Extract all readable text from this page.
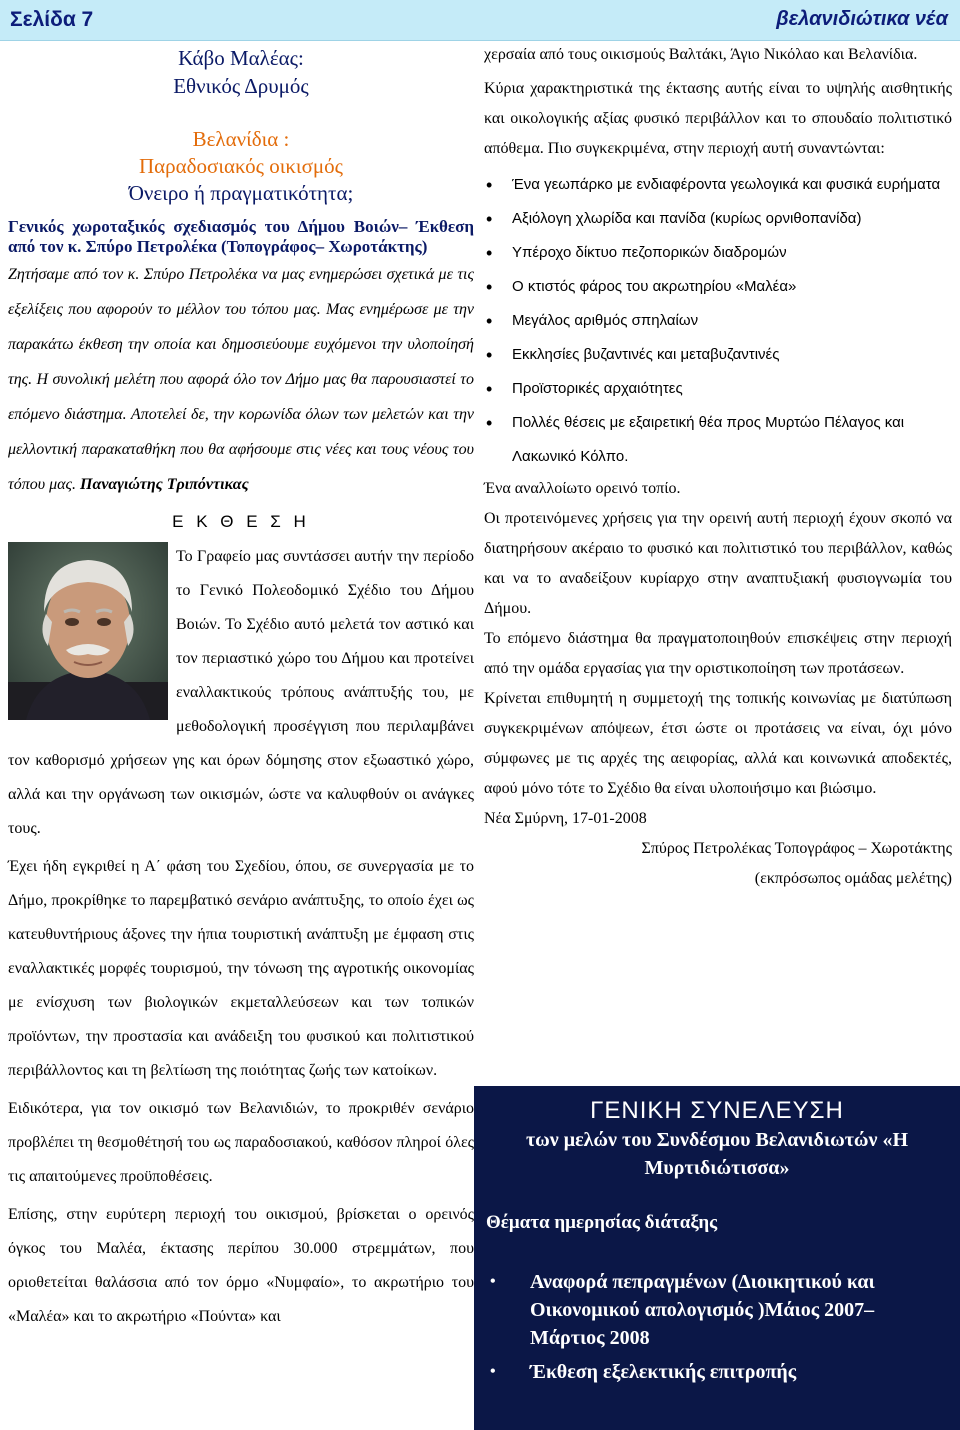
Σελίδα 7	βελανιδιώτικα νέα
Κάβο Μαλέας:
Εθνικός Δρυμός
Βελανίδια :
Παραδοσιακός οικισμός
Όνειρο ή πραγματικότητα;
Γενικός χωροταξικός σχεδιασμός του Δήμου Βοιών– Έκθεση από τον κ. Σπύρο Πετρολέκα (Τοπογράφος– Χωροτάκτης)
Ζητήσαμε από τον κ. Σπύρο Πετρολέκα να μας ενημερώσει σχετικά με τις εξελίξεις που αφορούν το μέλλον του τόπου μας. Μας ενημέρωσε με την παρακάτω έκθεση την οποία και δημοσιεύουμε ευχόμενοι την υλοποίησή της. Η συνολική μελέτη που αφορά όλο τον Δήμο μας θα παρουσιαστεί το επόμενο διάστημα. Αποτελεί δε, την κορωνίδα όλων των μελετών και την μελλοντική παρακαταθήκη που θα αφήσουμε στις νέες και τους νέους του τόπου μας. Παναγιώτης Τριπόντικας
Ε Κ Θ Ε Σ Η
Το Γραφείο μας συντάσσει αυτήν την περίοδο το Γενικό Πολεοδομικό Σχέδιο του Δήμου Βοιών. Το Σχέδιο αυτό μελετά τον αστικό και τον περιαστικό χώρο του Δήμου και προτείνει εναλλακτικούς τρόπους ανάπτυξής του, με μεθοδολογική προσέγγιση που περιλαμβάνει τον καθορισμό χρήσεων γης και όρων δόμησης στον εξωαστικό χώρο, αλλά και την οργάνωση των οικισμών, ώστε να καλυφθούν οι ανάγκες τους.
Έχει ήδη εγκριθεί η Α΄ φάση του Σχεδίου, όπου, σε συνεργασία με το Δήμο, προκρίθηκε το παρεμβατικό σενάριο ανάπτυξης, το οποίο έχει ως κατευθυντήριους άξονες την ήπια τουριστική ανάπτυξη με έμφαση στις εναλλακτικές μορφές τουρισμού, την τόνωση της αγροτικής οικονομίας με ενίσχυση των βιολογικών εκμεταλλεύσεων και των τοπικών προϊόντων, την προστασία και ανάδειξη του φυσικού και πολιτιστικού περιβάλλοντος και τη βελτίωση της ποιότητας ζωής των κατοίκων.
Ειδικότερα, για τον οικισμό των Βελανιδιών, το προκριθέν σενάριο προβλέπει τη θεσμοθέτησή του ως παραδοσιακού, καθόσον πληροί όλες τις απαιτούμενες προϋποθέσεις.
Επίσης, στην ευρύτερη περιοχή του οικισμού, βρίσκεται ο ορεινός όγκος του Μαλέα, έκτασης περίπου 30.000 στρεμμάτων, που οριοθετείται θαλάσσια από τον όρμο «Νυμφαίο», το ακρωτήριο του «Μαλέα» και το ακρωτήριο «Πούντα» και
χερσαία από τους οικισμούς Βαλτάκι, Άγιο Νικόλαο και Βελανίδια.
Κύρια χαρακτηριστικά της έκτασης αυτής είναι το υψηλής αισθητικής και οικολογικής αξίας φυσικό περιβάλλον και το σπουδαίο πολιτιστικό απόθεμα. Πιο συγκεκριμένα, στην περιοχή αυτή συναντώνται:
• Ένα γεωπάρκο με ενδιαφέροντα γεωλογικά και φυσικά ευρήματα
• Αξιόλογη χλωρίδα και πανίδα (κυρίως ορνιθοπανίδα)
• Υπέροχο δίκτυο πεζοπορικών διαδρομών
• Ο κτιστός φάρος του ακρωτηρίου «Μαλέα»
• Μεγάλος αριθμός σπηλαίων
• Εκκλησίες βυζαντινές και μεταβυζαντινές
• Προϊστορικές αρχαιότητες
• Πολλές θέσεις με εξαιρετική θέα προς Μυρτώο Πέλαγος και Λακωνικό Κόλπο.
Ένα αναλλοίωτο ορεινό τοπίο.
Οι προτεινόμενες χρήσεις για την ορεινή αυτή περιοχή έχουν σκοπό να διατηρήσουν ακέραιο το φυσικό και πολιτιστικό του περιβάλλον, καθώς και να το αναδείξουν κυρίαρχο στην αναπτυξιακή φυσιογνωμία του Δήμου.
Το επόμενο διάστημα θα πραγματοποιηθούν επισκέψεις στην περιοχή από την ομάδα εργασίας για την οριστικοποίηση των προτάσεων.
Κρίνεται επιθυμητή η συμμετοχή της τοπικής κοινωνίας με διατύπωση συγκεκριμένων απόψεων, έτσι ώστε οι προτάσεις να είναι, όχι μόνο σύμφωνες με τις αρχές της αειφορίας, αλλά και κοινωνικά αποδεκτές, αφού μόνο τότε το Σχέδιο θα είναι υλοποιήσιμο και βιώσιμο.
Νέα Σμύρνη, 17-01-2008
Σπύρος Πετρολέκας Τοπογράφος – Χωροτάκτης
(εκπρόσωπος ομάδας μελέτης)
ΓΕΝΙΚΗ ΣΥΝΕΛΕΥΣΗ
των μελών του Συνδέσμου Βελανιδιωτών «Η Μυρτιδιώτισσα»
Θέματα ημερησίας διάταξης
• Αναφορά πεπραγμένων (Διοικητικού και Οικονομικού απολογισμός )Μάιος 2007– Μάρτιος 2008
• Έκθεση εξελεκτικής επιτροπής
